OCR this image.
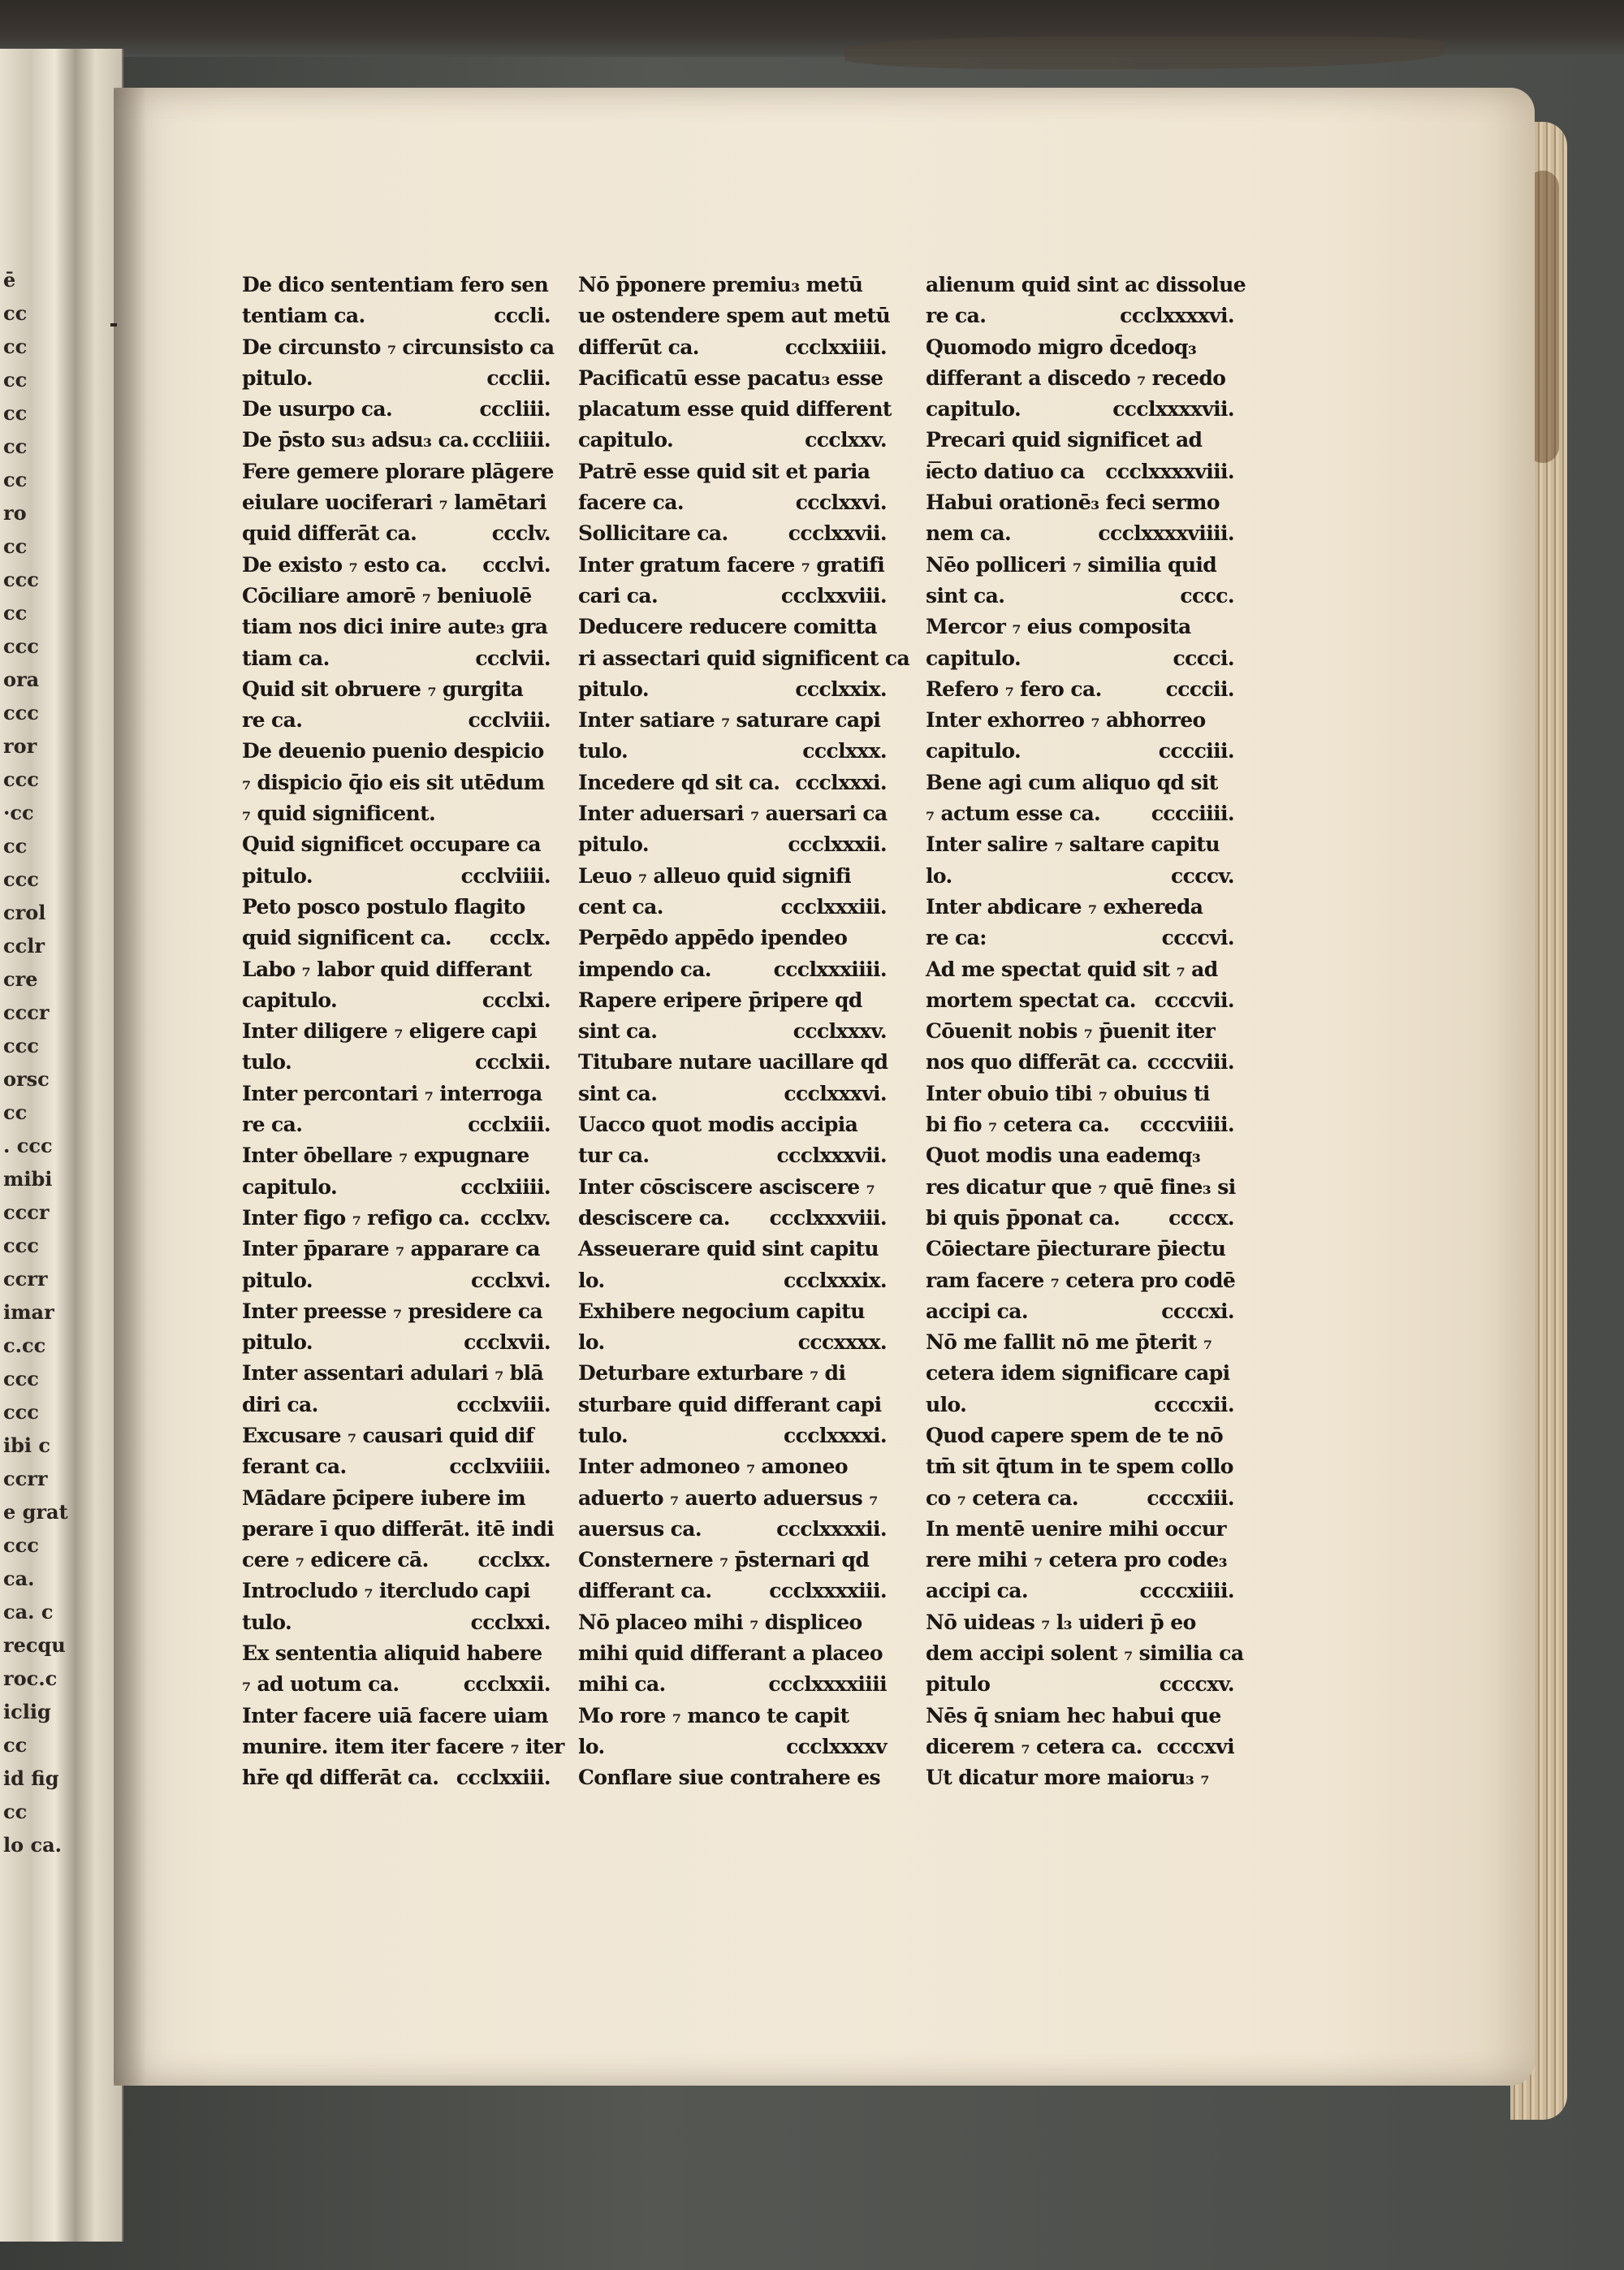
ē
cc
cc
cc
cc
cc
cc
ro
cc
ccc
cc
ccc
ora
ccc
ror
ccc
·cc
cc
ccc
crol
cclr
cre
cccr
ccc
orsc
cc
. ccc
mibi
cccr
ccc
ccrr
imar
c.cc
ccc
ccc
ibi c
ccrr
e grat
ccc
ca.
ca. c
recqu
roc.c
iclig
cc
id fig
cc
lo ca.
De dico sententiam fero sen
tentiam ca.	cccli.
De circunsto ₇ circunsisto ca
pitulo.	ccclii.
De usurpo ca.	cccliii.
De p̄sto su₃ adsu₃ ca. cccliiii.
Fere gemere plorare plāgere
eiulare uociferari ₇ lamētari
quid differāt ca.	ccclv.
De existo ₇ esto ca. ccclvi.
Cōciliare amorē ₇ beniuolē
tiam nos dici inire aute₃ gra
tiam ca.	ccclvii.
Quid sit obruere ₇ gurgita
re ca.	ccclviii.
De deuenio puenio despicio
₇ dispicio q̄io eis sit utēdum
₇ quid significent.
Quid significet occupare ca
pitulo.	ccclviiii.
Peto posco postulo flagito
quid significent ca. ccclx.
Labo ₇ labor quid differant
capitulo.	ccclxi.
Inter diligere ₇ eligere capi
tulo.	ccclxii.
Inter percontari ₇ interroga
re ca.	ccclxiii.
Inter ōbellare ₇ expugnare
capitulo.	ccclxiiii.
Inter figo ₇ refigo ca. ccclxv.
Inter p̄parare ₇ apparare ca
pitulo.	ccclxvi.
Inter preesse ₇ presidere ca
pitulo.	ccclxvii.
Inter assentari adulari ₇ blā
diri ca.	ccclxviii.
Excusare ₇ causari quid dif
ferant ca.	ccclxviiii.
Mādare p̄cipere iubere im
perare ī quo differāt. itē indi
cere ₇ edicere cā. ccclxx.
Introcludo ₇ itercludo capi
tulo.	ccclxxi.
Ex sententia aliquid habere
₇ ad uotum ca.	ccclxxii.
Inter facere uiā facere uiam
munire. item iter facere ₇ iter
hr̄e qd differāt ca. ccclxxiii.
Nō p̄ponere premiu₃ metū
ue ostendere spem aut metū
differūt ca.	ccclxxiiii.
Pacificatū esse pacatu₃ esse
placatum esse quid different
capitulo.	ccclxxv.
Patrē esse quid sit et paria
facere ca.	ccclxxvi.
Sollicitare ca.	ccclxxvii.
Inter gratum facere ₇ gratifi
cari ca.	ccclxxviii.
Deducere reducere comitta
ri assectari quid significent ca
pitulo.	ccclxxix.
Inter satiare ₇ saturare capi
tulo.	ccclxxx.
Incedere qd sit ca. ccclxxxi.
Inter aduersari ₇ auersari ca
pitulo.	ccclxxxii.
Leuo ₇ alleuo quid signifi
cent ca.	ccclxxxiii.
Perpēdo appēdo ipendeo
impendo ca.	ccclxxxiiii.
Rapere eripere p̄ripere qd
sint ca.	ccclxxxv.
Titubare nutare uacillare qd
sint ca.	ccclxxxvi.
Uacco quot modis accipia
tur ca.	ccclxxxvii.
Inter cōsciscere asciscere ₇
desciscere ca. ccclxxxviii.
Asseuerare quid sint capitu
lo.	ccclxxxix.
Exhibere negocium capitu
lo.	cccxxxx.
Deturbare exturbare ₇ di
sturbare quid differant capi
tulo.	ccclxxxxi.
Inter admoneo ₇ amoneo
aduerto ₇ auerto aduersus ₇
auersus ca.	ccclxxxxii.
Consternere ₇ p̄sternari qd
differant ca.	ccclxxxxiii.
Nō placeo mihi ₇ displiceo
mihi quid differant a placeo
mihi ca.	ccclxxxxiiii
Mo rore ₇ manco te capit
lo.	ccclxxxxv
Conflare siue contrahere es
alienum quid sint ac dissolue
re ca.	ccclxxxxvi.
Quomodo migro d̄cedoq₃
differant a discedo ₇ recedo
capitulo.	ccclxxxxvii.
Precari quid significet ad
i͞ecto datiuo ca ccclxxxxviii.
Habui orationē₃ feci sermo
nem ca.	ccclxxxxviiii.
Nēo polliceri ₇ similia quid
sint ca.	cccc.
Mercor ₇ eius composita
capitulo.	cccci.
Refero ₇ fero ca.	ccccii.
Inter exhorreo ₇ abhorreo
capitulo.	cccciii.
Bene agi cum aliquo qd sit
₇ actum esse ca.	cccciiii.
Inter salire ₇ saltare capitu
lo.	ccccv.
Inter abdicare ₇ exhereda
re ca:	ccccvi.
Ad me spectat quid sit ₇ ad
mortem spectat ca. ccccvii.
Cōuenit nobis ₇ p̄uenit iter
nos quo differāt ca. ccccviii.
Inter obuio tibi ₇ obuius ti
bi fio ₇ cetera ca. ccccviiii.
Quot modis una eademq₃
res dicatur que ₇ quē fine₃ si
bi quis p̄ponat ca. ccccx.
Cōiectare p̄iecturare p̄iectu
ram facere ₇ cetera pro codē
accipi ca.	ccccxi.
Nō me fallit nō me p̄terit ₇
cetera idem significare capi
ulo.	ccccxii.
Quod capere spem de te nō
tm̄ sit q̄tum in te spem collo
co ₇ cetera ca.	ccccxiii.
In mentē uenire mihi occur
rere mihi ₇ cetera pro code₃
accipi ca.	ccccxiiii.
Nō uideas ₇ l₃ uideri p̄ eo
dem accipi solent ₇ similia ca
pitulo	ccccxv.
Nēs q̄ sniam hec habui que
dicerem ₇ cetera ca. ccccxvi
Ut dicatur more maioru₃ ₇
